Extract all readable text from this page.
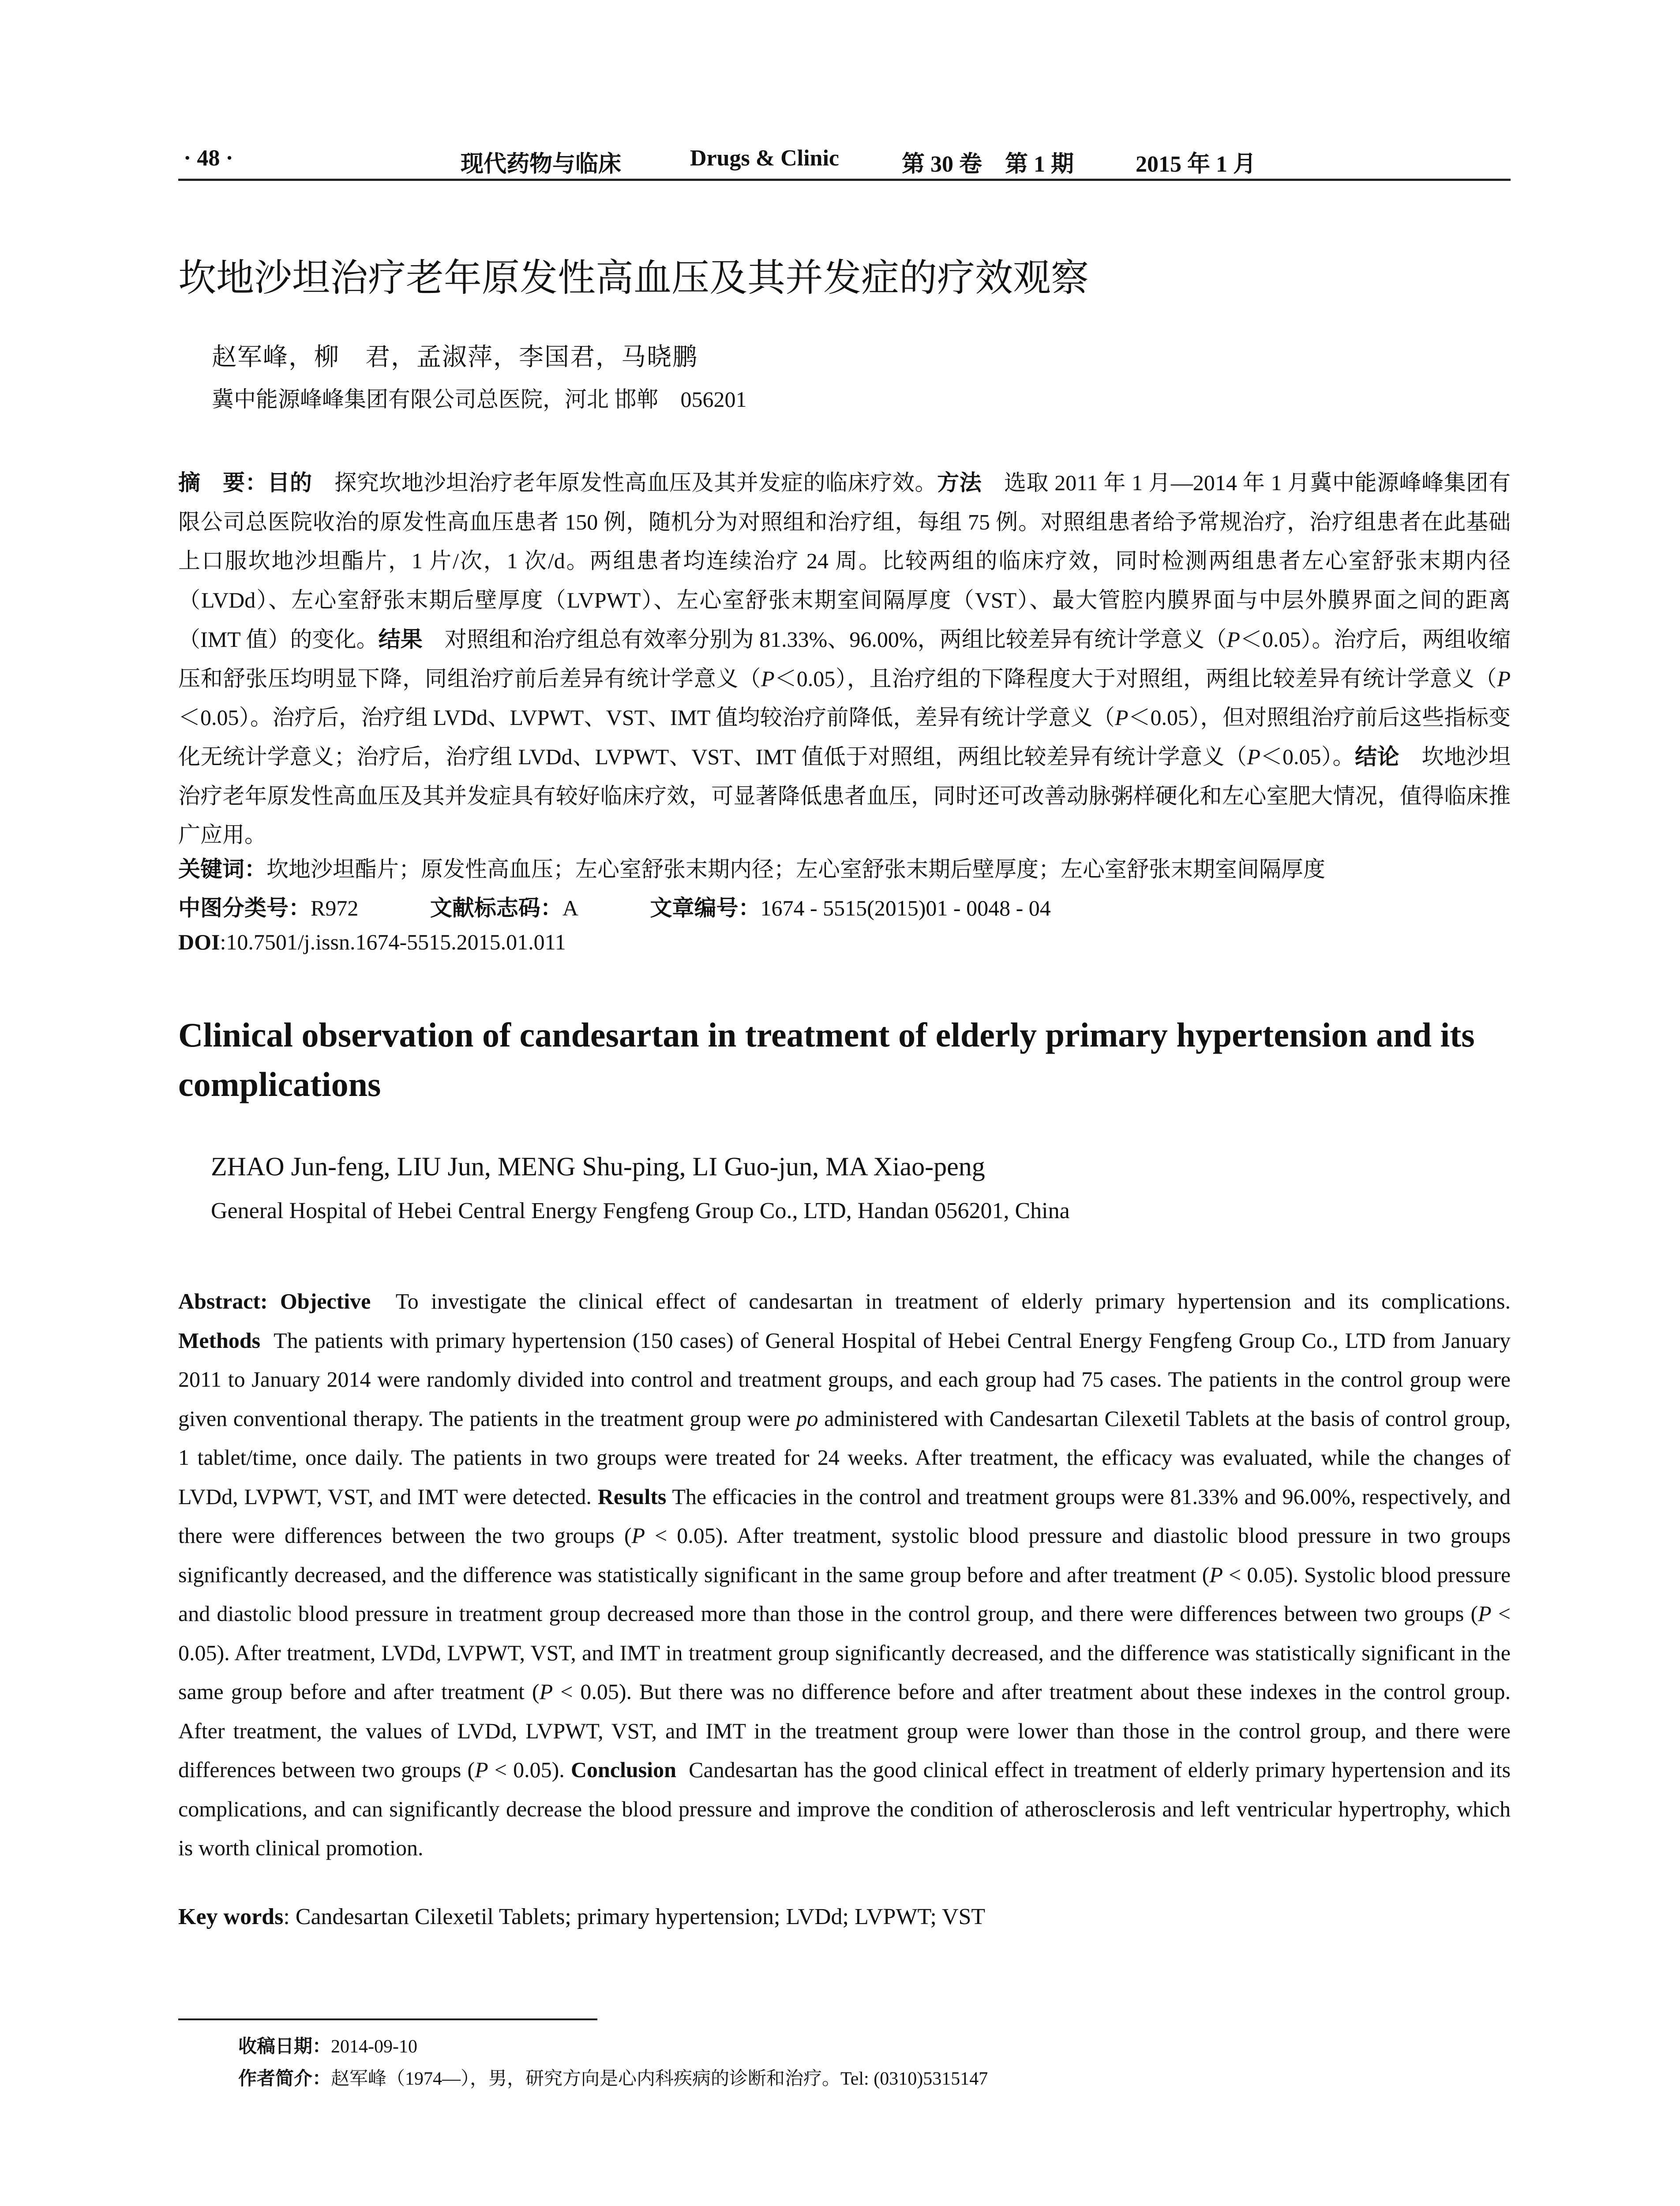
· 48 ·	现代药物与临床	Drugs & Clinic	第 30 卷　第 1 期	2015 年 1 月
坎地沙坦治疗老年原发性高血压及其并发症的疗效观察
赵军峰，柳　君，孟淑萍，李国君，马晓鹏
冀中能源峰峰集团有限公司总医院，河北 邯郸　056201
摘　要：目的　 探究坎地沙坦治疗老年原发性高血压及其并发症的临床疗效。方法　 选取 2011 年 1 月—2014 年 1 月冀中能源峰峰集团有限公司总医院收治的原发性高血压患者 150 例，随机分为对照组和治疗组，每组 75 例。对照组患者给予常规治疗，治疗组患者在此基础上口服坎地沙坦酯片，1 片/次，1 次/d。两组患者均连续治疗 24 周。比较两组的临床疗效，同时检测两组患者左心室舒张末期内径（LVDd）、左心室舒张末期后壁厚度（LVPWT）、左心室舒张末期室间隔厚度（VST）、最大管腔内膜界面与中层外膜界面之间的距离（IMT 值）的变化。结果　 对照组和治疗组总有效率分别为 81.33%、96.00%，两组比较差异有统计学意义（P＜0.05）。治疗后，两组收缩压和舒张压均明显下降，同组治疗前后差异有统计学意义（P＜0.05），且治疗组的下降程度大于对照组，两组比较差异有统计学意义（P＜0.05）。治疗后，治疗组 LVDd、LVPWT、VST、IMT 值均较治疗前降低，差异有统计学意义（P＜0.05），但对照组治疗前后这些指标变化无统计学意义；治疗后，治疗组 LVDd、LVPWT、VST、IMT 值低于对照组，两组比较差异有统计学意义（P＜0.05）。结论　 坎地沙坦治疗老年原发性高血压及其并发症具有较好临床疗效，可显著降低患者血压，同时还可改善动脉粥样硬化和左心室肥大情况，值得临床推广应用。
关键词：坎地沙坦酯片；原发性高血压；左心室舒张末期内径；左心室舒张末期后壁厚度；左心室舒张末期室间隔厚度
中图分类号：R972	文献标志码：A	文章编号：1674 - 5515(2015)01 - 0048 - 04
DOI:10.7501/j.issn.1674-5515.2015.01.011
Clinical observation of candesartan in treatment of elderly primary hypertension and its complications
ZHAO Jun-feng, LIU Jun, MENG Shu-ping, LI Guo-jun, MA Xiao-peng
General Hospital of Hebei Central Energy Fengfeng Group Co., LTD, Handan 056201, China
Abstract: Objective To investigate the clinical effect of candesartan in treatment of elderly primary hypertension and its complications. Methods The patients with primary hypertension (150 cases) of General Hospital of Hebei Central Energy Fengfeng Group Co., LTD from January 2011 to January 2014 were randomly divided into control and treatment groups, and each group had 75 cases. The patients in the control group were given conventional therapy. The patients in the treatment group were po administered with Candesartan Cilexetil Tablets at the basis of control group, 1 tablet/time, once daily. The patients in two groups were treated for 24 weeks. After treatment, the efficacy was evaluated, while the changes of LVDd, LVPWT, VST, and IMT were detected. Results The efficacies in the control and treatment groups were 81.33% and 96.00%, respectively, and there were differences between the two groups (P < 0.05). After treatment, systolic blood pressure and diastolic blood pressure in two groups significantly decreased, and the difference was statistically significant in the same group before and after treatment (P < 0.05). Systolic blood pressure and diastolic blood pressure in treatment group decreased more than those in the control group, and there were differences between two groups (P < 0.05). After treatment, LVDd, LVPWT, VST, and IMT in treatment group significantly decreased, and the difference was statistically significant in the same group before and after treatment (P < 0.05). But there was no difference before and after treatment about these indexes in the control group. After treatment, the values of LVDd, LVPWT, VST, and IMT in the treatment group were lower than those in the control group, and there were differences between two groups (P < 0.05). Conclusion Candesartan has the good clinical effect in treatment of elderly primary hypertension and its complications, and can significantly decrease the blood pressure and improve the condition of atherosclerosis and left ventricular hypertrophy, which is worth clinical promotion.
Key words: Candesartan Cilexetil Tablets; primary hypertension; LVDd; LVPWT; VST
收稿日期：2014-09-10
作者简介：赵军峰（1974—），男，研究方向是心内科疾病的诊断和治疗。Tel: (0310)5315147
